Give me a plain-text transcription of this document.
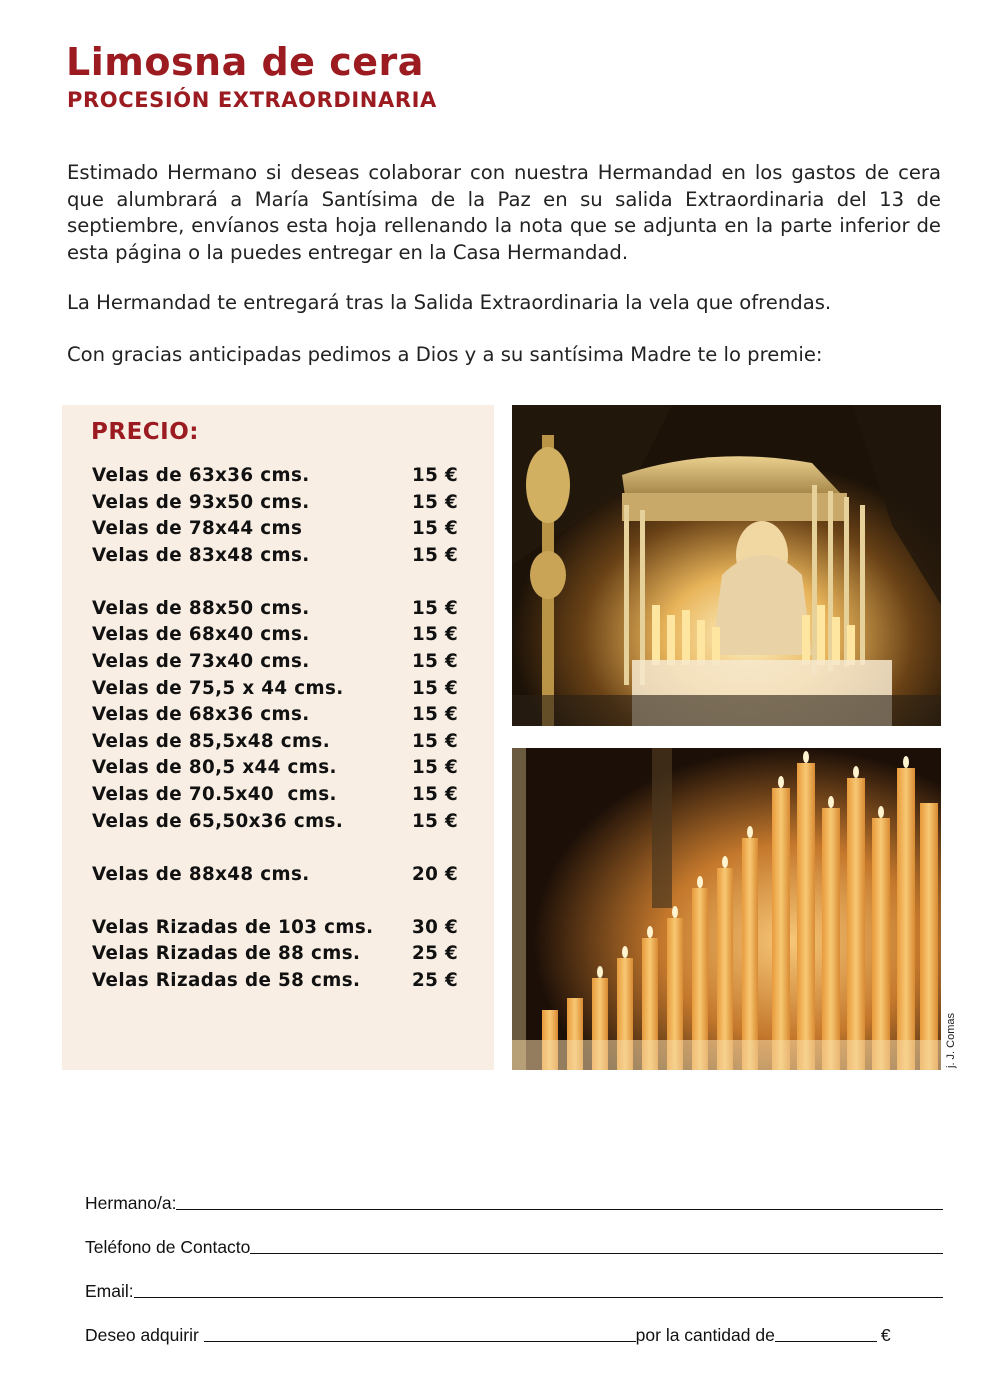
Limosna de cera
PROCESIÓN EXTRAORDINARIA

Estimado Hermano si deseas colaborar con nuestra Hermandad en los gastos de cera que alumbrará a María Santísima de la Paz en su salida Extraordinaria del 13 de septiembre, envíanos esta hoja rellenando la nota que se adjunta en la parte inferior de esta página o la puedes entregar en la Casa Hermandad.

La Hermandad te entregará tras la Salida Extraordinaria la vela que ofrendas.

Con gracias anticipadas pedimos a Dios y a su santísima Madre te lo premie:

PRECIO:
Velas de 63x36 cms.	15 €
Velas de 93x50 cms.	15 €
Velas de 78x44 cms	15 €
Velas de 83x48 cms.	15 €
Velas de 88x50 cms.	15 €
Velas de 68x40 cms.	15 €
Velas de 73x40 cms.	15 €
Velas de 75,5 x 44 cms.	15 €
Velas de 68x36 cms.	15 €
Velas de 85,5x48 cms.	15 €
Velas de 80,5 x44 cms.	15 €
Velas de 70.5x40  cms.	15 €
Velas de 65,50x36 cms.	15 €
Velas de 88x48 cms.	20 €
Velas Rizadas de 103 cms. 30 €
Velas Rizadas de 88 cms.	25 €
Velas Rizadas de 58 cms.	25 €
j. J. Comas
Hermano/a:
Teléfono de Contacto
Email:
Deseo adquirir	por la cantidad de	€
